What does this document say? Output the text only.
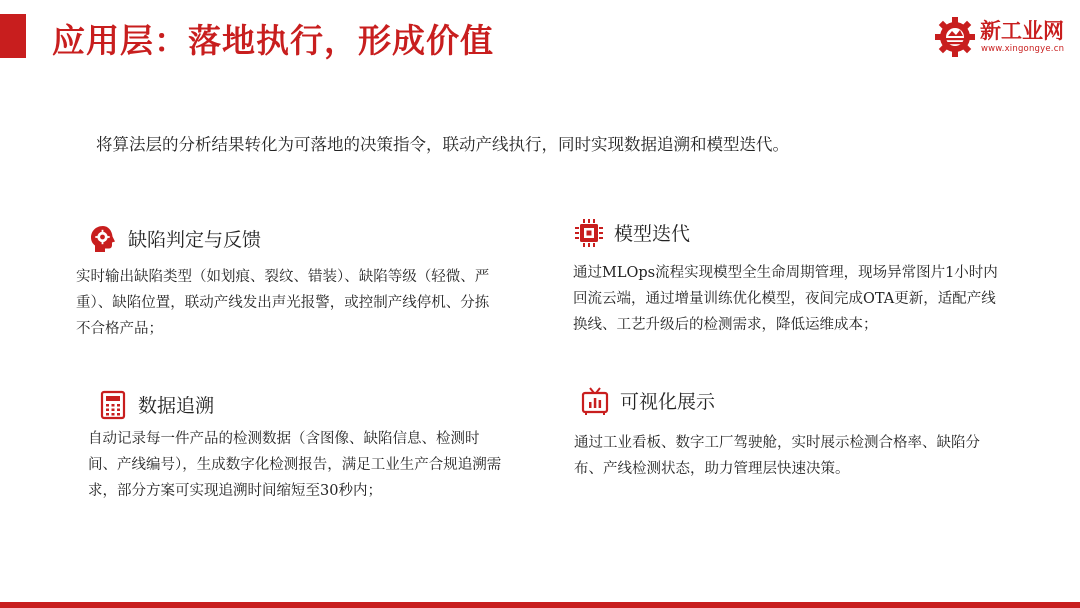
应用层：落地执行，形成价值	新工业网
www.xingongye.cn

将算法层的分析结果转化为可落地的决策指令，联动产线执行，同时实现数据追溯和模型迭代。

缺陷判定与反馈

实时输出缺陷类型（如划痕、裂纹、错装）、缺陷等级（轻微、严重）、缺陷位置，联动产线发出声光报警，或控制产线停机、分拣不合格产品；

模型迭代

通过MLOps流程实现模型全生命周期管理，现场异常图片1小时内回流云端，通过增量训练优化模型，夜间完成OTA更新，适配产线换线、工艺升级后的检测需求，降低运维成本；

数据追溯

自动记录每一件产品的检测数据（含图像、缺陷信息、检测时间、产线编号），生成数字化检测报告，满足工业生产合规追溯需求，部分方案可实现追溯时间缩短至30秒内；

可视化展示

通过工业看板、数字工厂驾驶舱，实时展示检测合格率、缺陷分布、产线检测状态，助力管理层快速决策。
